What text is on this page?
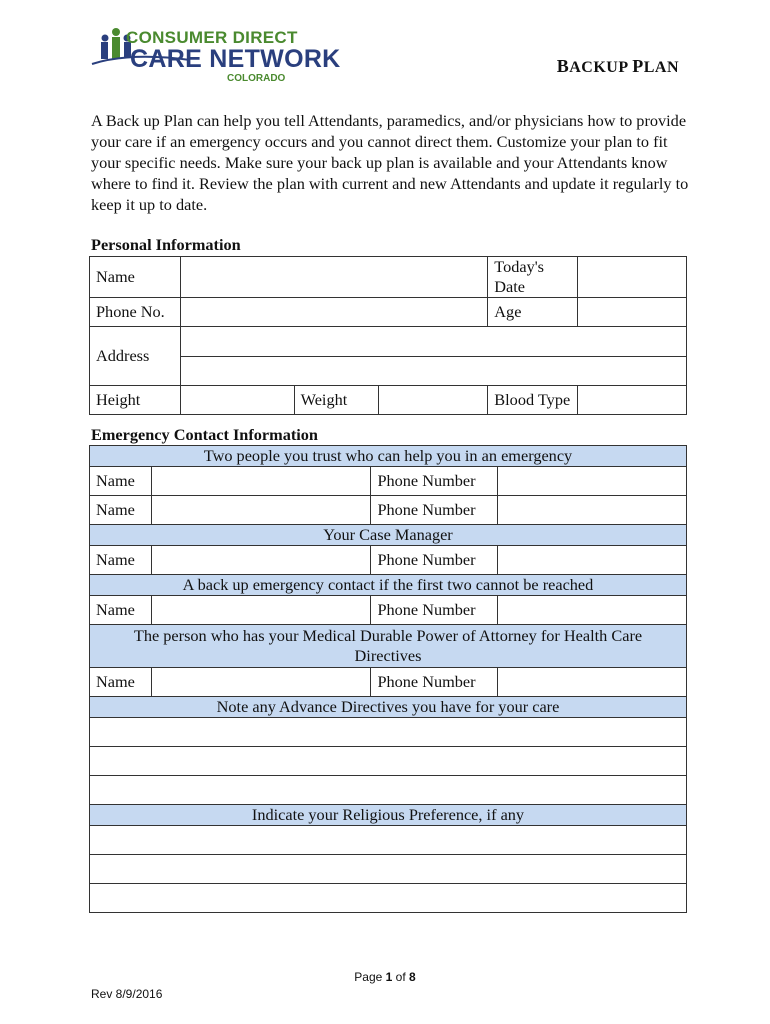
CONSUMER DIRECT
CARE NETWORK
COLORADO
BACKUP PLAN
A Back up Plan can help you tell Attendants, paramedics, and/or physicians how to provide your care if an emergency occurs and you cannot direct them. Customize your plan to fit your specific needs. Make sure your back up plan is available and your Attendants know where to find it. Review the plan with current and new Attendants and update it regularly to keep it up to date.
Personal Information
Name				Today's Date	
Phone No.				Age	
Address					

Height		Weight		Blood Type	
Emergency Contact Information
Two people you trust who can help you in an emergency			
Name		Phone Number	
Name		Phone Number	
Your Case Manager			
Name		Phone Number	
A back up emergency contact if the first two cannot be reached			
Name		Phone Number	
The person who has your Medical Durable Power of Attorney for Health Care Directives			
Name		Phone Number	
Note any Advance Directives you have for your care			

Indicate your Religious Preference, if any			

Page 1 of 8
Rev 8/9/2016
